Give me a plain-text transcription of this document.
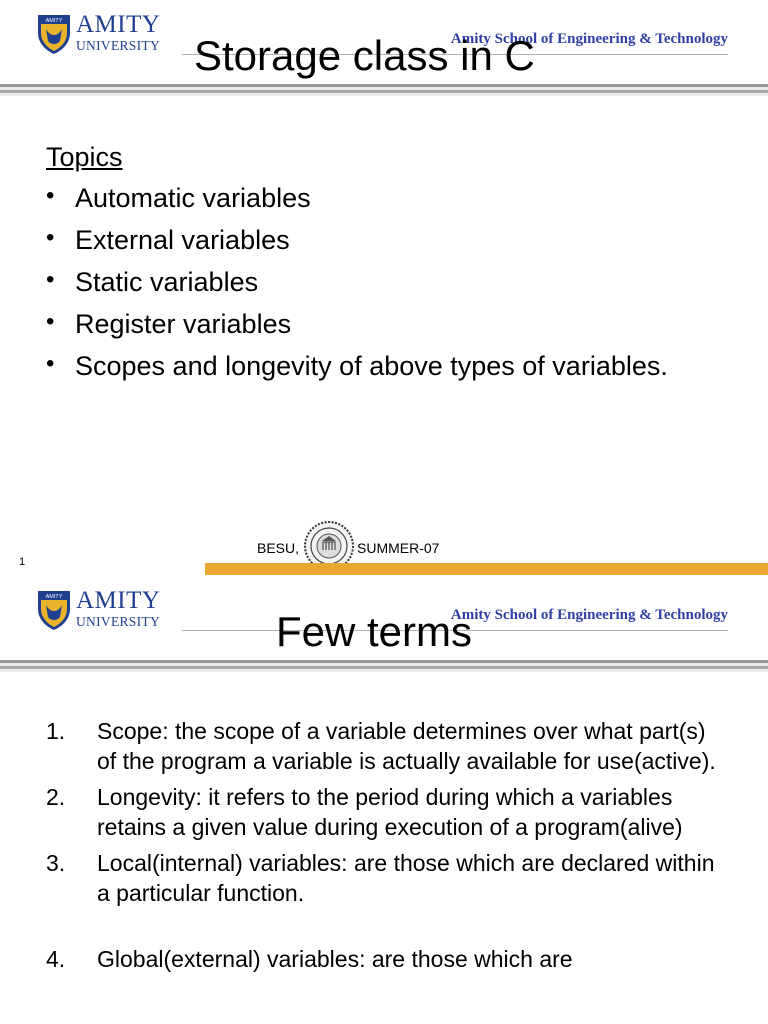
AMITY AMITY
UNIVERSITY	Amity School of Engineering & Technology
Storage class in C
Topics
• Automatic variables
• External variables
• Static variables
• Register variables
• Scopes and longevity of above types of variables.
BESU,	SUMMER-07
1
AMITY AMITY
UNIVERSITY	Amity School of Engineering & Technology
Few terms
1. Scope: the scope of a variable determines over what part(s) of the program a variable is actually available for use(active).
2. Longevity: it refers to the period during which a variables retains a given value during execution of a program(alive)
3. Local(internal) variables: are those which are declared within a particular function.
4. Global(external) variables: are those which are
